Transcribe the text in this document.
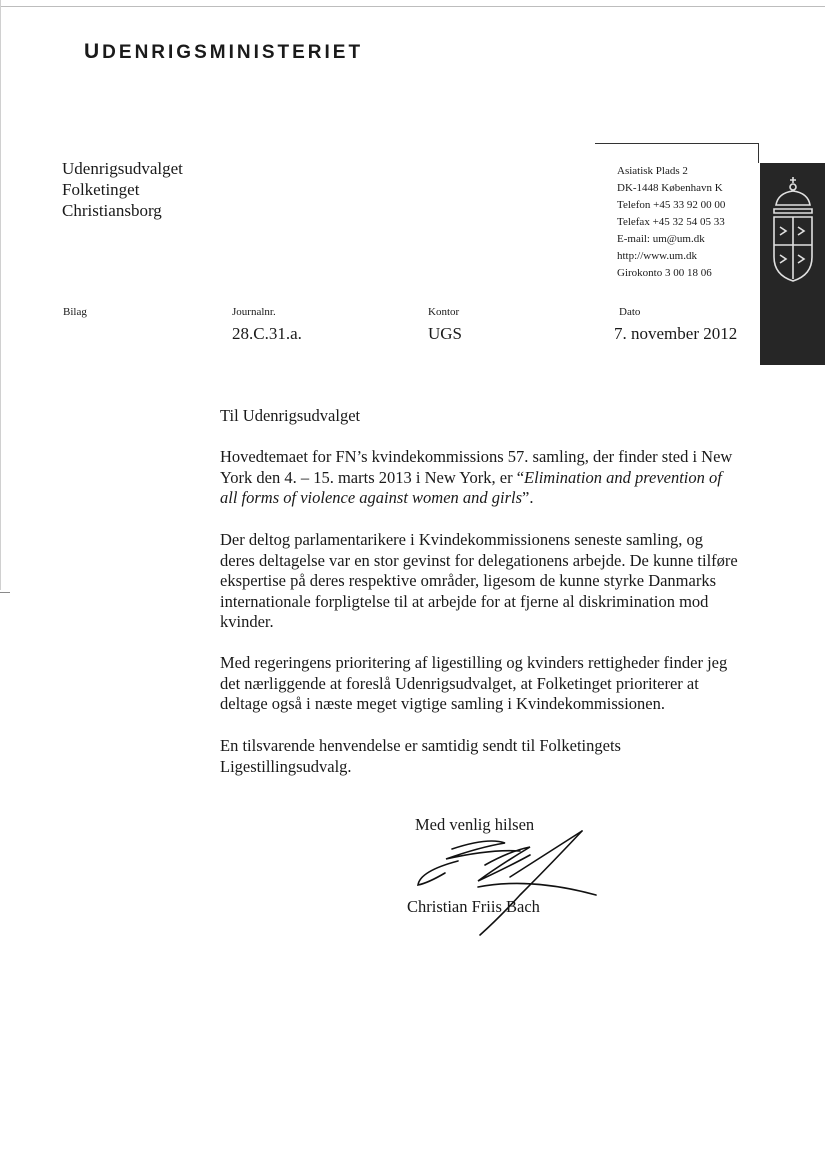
UDENRIGSMINISTERIET
Udenrigsudvalget
Folketinget
Christiansborg
Asiatisk Plads 2
DK-1448 København K
Telefon +45 33 92 00 00
Telefax +45 32 54 05 33
E-mail: um@um.dk
http://www.um.dk
Girokonto 3 00 18 06
Bilag	Journalnr.
28.C.31.a.
Kontor
UGS
Dato
7. november 2012

Til Udenrigsudvalget

Hovedtemaet for FN’s kvindekommissions 57. samling, der finder sted i New York den 4. – 15. marts 2013 i New York, er “Elimination and prevention of all forms of violence against women and girls”.

Der deltog parlamentarikere i Kvindekommissionens seneste samling, og deres deltagelse var en stor gevinst for delegationens arbejde. De kunne tilføre ekspertise på deres respektive områder, ligesom de kunne styrke Danmarks internationale forpligtelse til at arbejde for at fjerne al diskrimination mod kvinder.

Med regeringens prioritering af ligestilling og kvinders rettigheder finder jeg det nærliggende at foreslå Udenrigsudvalget, at Folketinget prioriterer at deltage også i næste meget vigtige samling i Kvindekommissionen.

En tilsvarende henvendelse er samtidig sendt til Folketingets Ligestillingsudvalg.

Med venlig hilsen
Christian Friis Bach
